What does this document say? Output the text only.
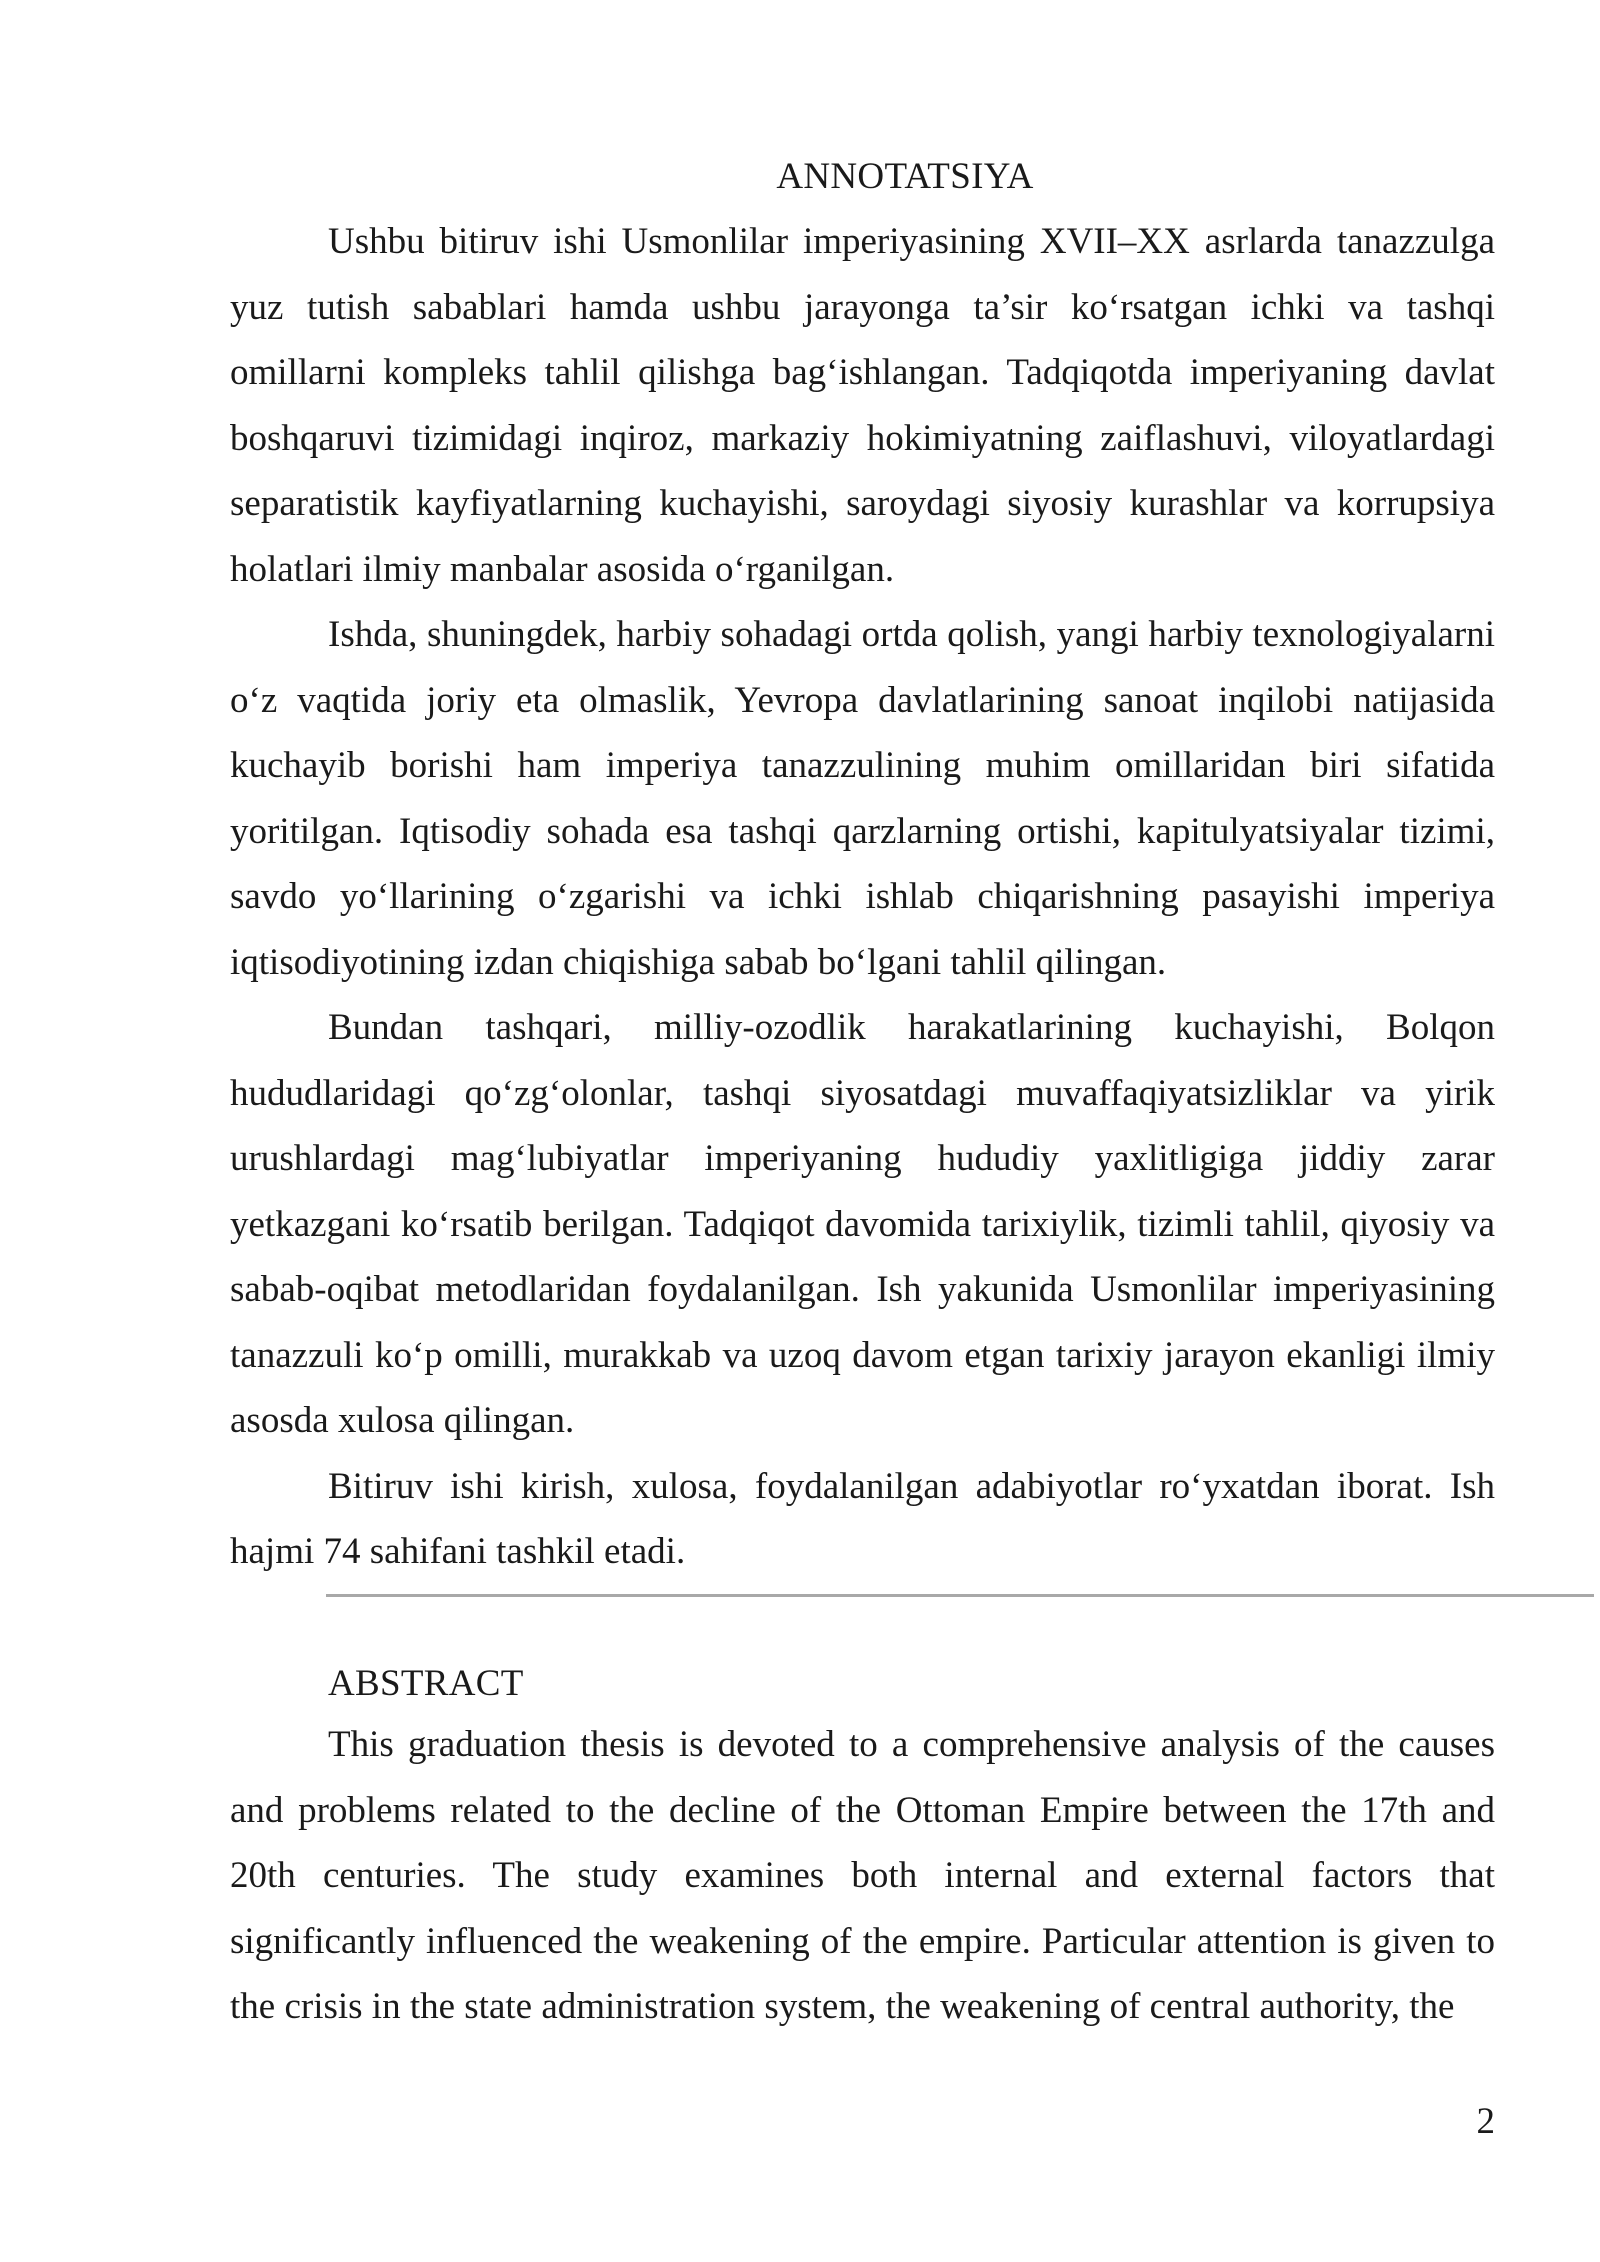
ANNOTATSIYA

Ushbu bitiruv ishi Usmonlilar imperiyasining XVII–XX asrlarda tanazzulga yuz tutish sabablari hamda ushbu jarayonga ta’sir ko‘rsatgan ichki va tashqi omillarni kompleks tahlil qilishga bag‘ishlangan. Tadqiqotda imperiyaning davlat boshqaruvi tizimidagi inqiroz, markaziy hokimiyatning zaiflashuvi, viloyatlardagi separatistik kayfiyatlarning kuchayishi, saroydagi siyosiy kurashlar va korrupsiya holatlari ilmiy manbalar asosida o‘rganilgan.

Ishda, shuningdek, harbiy sohadagi ortda qolish, yangi harbiy texnologiyalarni o‘z vaqtida joriy eta olmaslik, Yevropa davlatlarining sanoat inqilobi natijasida kuchayib borishi ham imperiya tanazzulining muhim omillaridan biri sifatida yoritilgan. Iqtisodiy sohada esa tashqi qarzlarning ortishi, kapitulyatsiyalar tizimi, savdo yo‘llarining o‘zgarishi va ichki ishlab chiqarishning pasayishi imperiya iqtisodiyotining izdan chiqishiga sabab bo‘lgani tahlil qilingan.

Bundan tashqari, milliy-ozodlik harakatlarining kuchayishi, Bolqon hududlaridagi qo‘zg‘olonlar, tashqi siyosatdagi muvaffaqiyatsizliklar va yirik urushlardagi mag‘lubiyatlar imperiyaning hududiy yaxlitligiga jiddiy zarar yetkazgani ko‘rsatib berilgan. Tadqiqot davomida tarixiylik, tizimli tahlil, qiyosiy va sabab-oqibat metodlaridan foydalanilgan. Ish yakunida Usmonlilar imperiyasining tanazzuli ko‘p omilli, murakkab va uzoq davom etgan tarixiy jarayon ekanligi ilmiy asosda xulosa qilingan.

Bitiruv ishi kirish, xulosa, foydalanilgan adabiyotlar ro‘yxatdan iborat. Ish hajmi 74 sahifani tashkil etadi.

ABSTRACT

This graduation thesis is devoted to a comprehensive analysis of the causes and problems related to the decline of the Ottoman Empire between the 17th and 20th centuries. The study examines both internal and external factors that significantly influenced the weakening of the empire. Particular attention is given to the crisis in the state administration system, the weakening of central authority, the

2
